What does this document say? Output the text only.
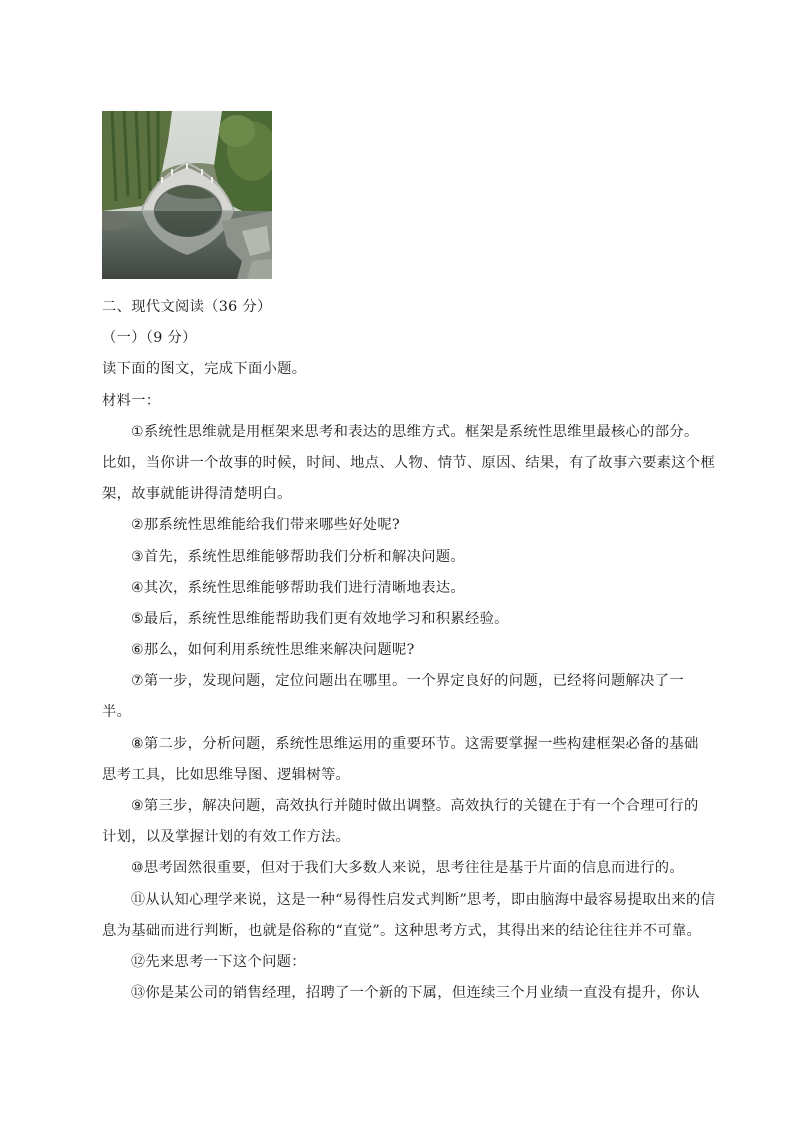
二、现代文阅读（36 分）
（一）（9 分）
读下面的图文，完成下面小题。
材料一：
①系统性思维就是用框架来思考和表达的思维方式。框架是系统性思维里最核心的部分。
比如，当你讲一个故事的时候，时间、地点、人物、情节、原因、结果，有了故事六要素这个框
架，故事就能讲得清楚明白。
②那系统性思维能给我们带来哪些好处呢?
③首先，系统性思维能够帮助我们分析和解决问题。
④其次，系统性思维能够帮助我们进行清晰地表达。
⑤最后，系统性思维能帮助我们更有效地学习和积累经验。
⑥那么，如何利用系统性思维来解决问题呢?
⑦第一步，发现问题，定位问题出在哪里。一个界定良好的问题，已经将问题解决了一
半。
⑧第二步，分析问题，系统性思维运用的重要环节。这需要掌握一些构建框架必备的基础
思考工具，比如思维导图、逻辑树等。
⑨第三步，解决问题，高效执行并随时做出调整。高效执行的关键在于有一个合理可行的
计划，以及掌握计划的有效工作方法。
⑩思考固然很重要，但对于我们大多数人来说，思考往往是基于片面的信息而进行的。
⑪从认知心理学来说，这是一种“易得性启发式判断”思考，即由脑海中最容易提取出来的信
息为基础而进行判断，也就是俗称的“直觉”。这种思考方式，其得出来的结论往往并不可靠。
⑫先来思考一下这个问题：
⑬你是某公司的销售经理，招聘了一个新的下属，但连续三个月业绩一直没有提升，你认
